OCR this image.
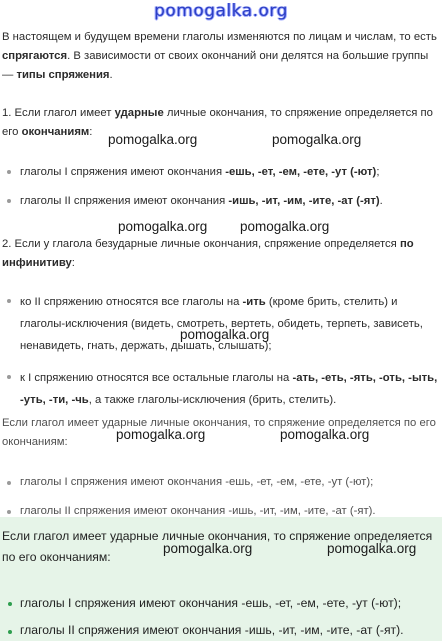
pomogalka.org
В настоящем и будущем времени глаголы изменяются по лицам и числам, то есть спрягаются. В зависимости от своих окончаний они делятся на большие группы — типы спряжения.
1. Если глагол имеет ударные личные окончания, то спряжение определяется по его окончаниям:	pomogalka.org	pomogalka.org
глаголы I спряжения имеют окончания -ешь, -ет, -ем, -ете, -ут (-ют);
глаголы II спряжения имеют окончания -ишь, -ит, -им, -ите, -ат (-ят).
pomogalka.org pomogalka.org
2. Если у глагола безударные личные окончания, спряжение определяется по инфинитиву:
ко II спряжению относятся все глаголы на -ить (кроме брить, стелить) и глаголы-исключения (видеть, смотреть, вертеть, обидеть, терпеть, зависеть, ненавидеть, гнать, держать, дышать, слышать);
pomogalka.org
к I спряжению относятся все остальные глаголы на -ать, -еть, -ять, -оть, -ыть, -уть, -ти, -чь, а также глаголы-исключения (брить, стелить).
Если глагол имеет ударные личные окончания, то спряжение определяется по его окончаниям:	pomogalka.org	pomogalka.org
глаголы I спряжения имеют окончания -ешь, -ет, -ем, -ете, -ут (-ют);
глаголы II спряжения имеют окончания -ишь, -ит, -им, -ите, -ат (-ят).
Если глагол имеет ударные личные окончания, то спряжение определяется по его окончаниям:
pomogalka.org	pomogalka.org
глаголы I спряжения имеют окончания -ешь, -ет, -ем, -ете, -ут (-ют);
глаголы II спряжения имеют окончания -ишь, -ит, -им, -ите, -ат (-ят).
